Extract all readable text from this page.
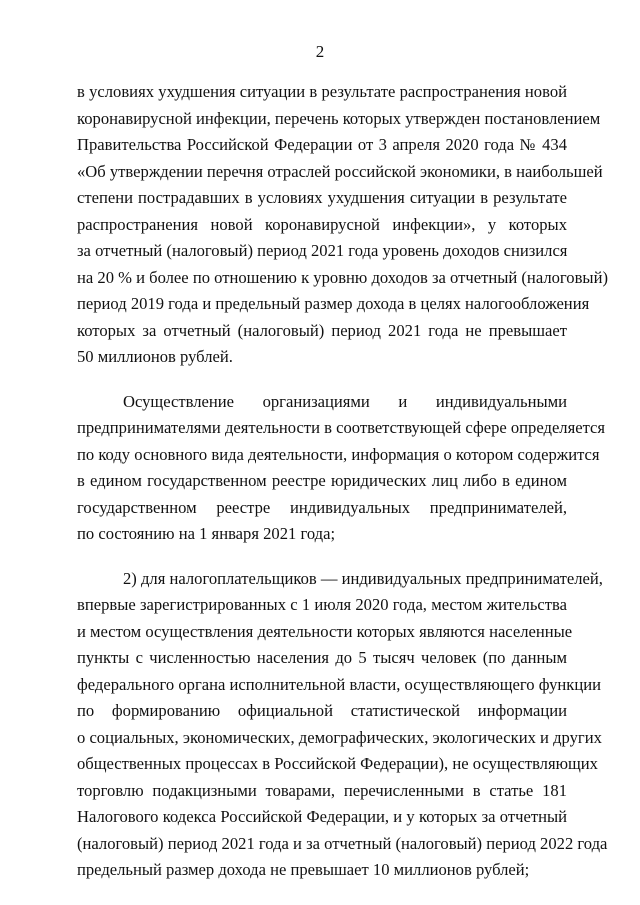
2
в условиях ухудшения ситуации в результате распространения новой
коронавирусной инфекции, перечень которых утвержден постановлением
Правительства Российской Федерации от 3 апреля 2020 года № 434
«Об утверждении перечня отраслей российской экономики, в наибольшей
степени пострадавших в условиях ухудшения ситуации в результате
распространения новой коронавирусной инфекции», у которых
за отчетный (налоговый) период 2021 года уровень доходов снизился
на 20 % и более по отношению к уровню доходов за отчетный (налоговый)
период 2019 года и предельный размер дохода в целях налогообложения
которых за отчетный (налоговый) период 2021 года не превышает
50 миллионов рублей.
Осуществление организациями и индивидуальными
предпринимателями деятельности в соответствующей сфере определяется
по коду основного вида деятельности, информация о котором содержится
в едином государственном реестре юридических лиц либо в едином
государственном реестре индивидуальных предпринимателей,
по состоянию на 1 января 2021 года;
2) для налогоплательщиков — индивидуальных предпринимателей,
впервые зарегистрированных с 1 июля 2020 года, местом жительства
и местом осуществления деятельности которых являются населенные
пункты с численностью населения до 5 тысяч человек (по данным
федерального органа исполнительной власти, осуществляющего функции
по формированию официальной статистической информации
о социальных, экономических, демографических, экологических и других
общественных процессах в Российской Федерации), не осуществляющих
торговлю подакцизными товарами, перечисленными в статье 181
Налогового кодекса Российской Федерации, и у которых за отчетный
(налоговый) период 2021 года и за отчетный (налоговый) период 2022 года
предельный размер дохода не превышает 10 миллионов рублей;
